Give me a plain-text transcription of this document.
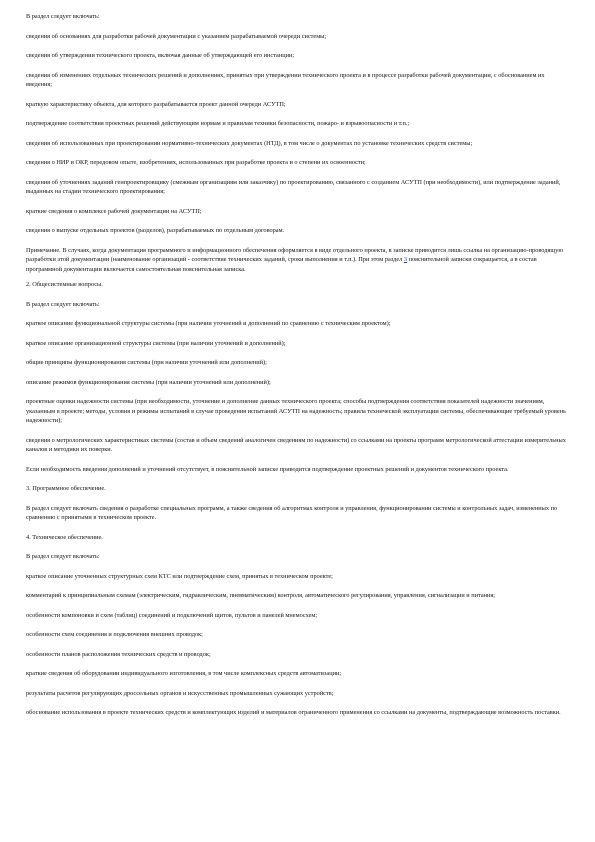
В раздел следует включать:

сведения об основаниях для разработки рабочей документации с указанием разрабатываемой очереди системы;

сведения об утверждении технического проекта, включая данные об утверждающей его инстанции;

сведения об изменениях отдельных технических решений и дополнениях, принятых при утверждении технического проекта и в процессе разработки рабочей документации, с обоснованием их введения;

краткую характеристику объекта, для которого разрабатывается проект данной очереди АСУТП;

подтверждение соответствия проектных решений действующим нормам и правилам техники безопасности, пожаро- и взрывоопасности и т.п.;

сведения об использованных при проектировании нормативно-технических документах (НТД), в том числе о документах по установке технических средств системы;

сведения о НИР и ОКР, передовом опыте, изобретениях, использованных при разработке проекта и о степени их освоенности;

сведения об уточнениях заданий генпроектировщику (смежным организациям или заказчику) по проектированию, связанного с созданием АСУТП (при необходимости), или подтверждение заданий, выданных на стадии технического проектирования;

краткие сведения о комплексе рабочей документации на АСУТП;

сведения о выпуске отдельных проектов (разделов), разрабатываемых по отдельным договорам.

Примечание. В случаях, когда документация программного и информационного обеспечения оформляется в виде отдельного проекта, в записке приводится лишь ссылка на организацию-проводящую разработки этой документации (наименование организаций - соответствие технических заданий, сроки выполнения и т.п.). При этом раздел 3 пояснительной записки сокращается, а в состав программной документации включается самостоятельная пояснительная записка.

2. Общесистемные вопросы.

В раздел следует включать:

краткое описание функциональной структуры системы (при наличии уточнений и дополнений по сравнению с техническим проектом);

краткое описание организационной структуры системы (при наличии уточнений и дополнений);

общие принципы функционирования системы (при наличии уточнений или дополнений);

описание режимов функционирования системы (при наличии уточнений или дополнений);

проектные оценки надежности системы (при необходимости, уточнение и дополнение данных технического проекта; способы подтверждения соответствия показателей надежности значениям, указанным в проекте; методы, условия и режимы испытаний в случае проведения испытаний АСУТП на надежность; правила технической эксплуатации системы, обеспечивающие требуемый уровень надежности);

сведения о метрологических характеристиках системы (состав и объем сведений аналогичен сведениям по надежности) со ссылками на проекты программ метрологической аттестации измерительных каналов и методики их поверки.

Если необходимость введения дополнений и уточнений отсутствует, в пояснительной записке приводится подтверждение проектных решений и документов технического проекта.

3. Программное обеспечение.

В раздел следует включать сведения о разработке специальных программ, а также сведения об алгоритмах контроля и управления, функционировании системы и контрольных задач, измененных по сравнению с принятыми в техническом проекте.

4. Техническое обеспечение.

В раздел следует включать:

краткое описание уточненных структурных схем КТС или подтверждение схем, принятых в техническом проекте;

комментарий к принципиальным схемам (электрическим, гидравлическим, пневматическим) контроля, автоматического регулирования, управления, сигнализации и питания;

особенности компоновки и схем (таблиц) соединений и подключений щитов, пультов и панелей мнемосхем;

особенности схем соединения и подключения внешних проводок;

особенности планов расположения технических средств и проводок;

краткие сведения об оборудовании индивидуального изготовления, в том числе комплексных средств автоматизации;

результаты расчетов регулирующих дроссельных органов и искусственных промышленных сужающих устройств;

обоснование использования в проекте технических средств и комплектующих изделий и материалов ограниченного применения со ссылками на документы, подтверждающие возможность поставки.
